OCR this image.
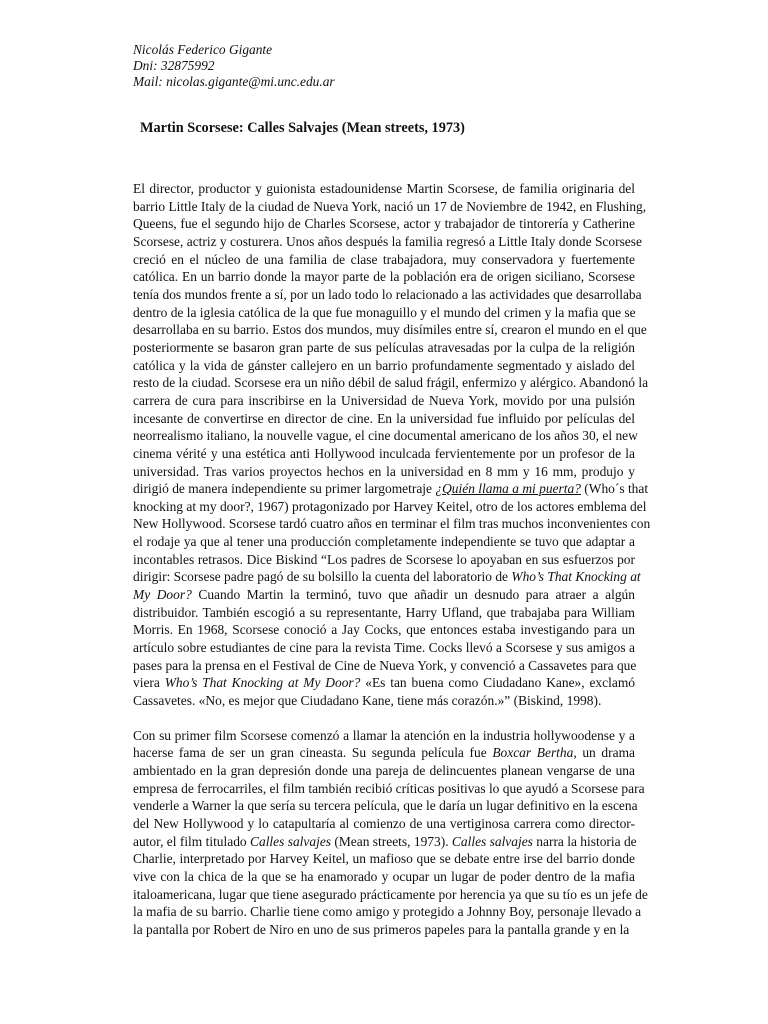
Nicolás Federico Gigante
Dni: 32875992
Mail: nicolas.gigante@mi.unc.edu.ar
Martin Scorsese: Calles Salvajes (Mean streets, 1973)
El director, productor y guionista estadounidense Martin Scorsese, de familia originaria del
barrio Little Italy de la ciudad de Nueva York, nació un 17 de Noviembre de 1942, en Flushing,
Queens, fue el segundo hijo de Charles Scorsese, actor y trabajador de tintorería y Catherine
Scorsese, actriz y costurera. Unos años después la familia regresó a Little Italy donde Scorsese
creció en el núcleo de una familia de clase trabajadora, muy conservadora y fuertemente
católica. En un barrio donde la mayor parte de la población era de origen siciliano, Scorsese
tenía dos mundos frente a sí, por un lado todo lo relacionado a las actividades que desarrollaba
dentro de la iglesia católica de la que fue monaguillo y el mundo del crimen y la mafia que se
desarrollaba en su barrio. Estos dos mundos, muy disímiles entre sí, crearon el mundo en el que
posteriormente se basaron gran parte de sus películas atravesadas por la culpa de la religión
católica y la vida de gánster callejero en un barrio profundamente segmentado y aislado del
resto de la ciudad. Scorsese era un niño débil de salud frágil, enfermizo y alérgico. Abandonó la
carrera de cura para inscribirse en la Universidad de Nueva York, movido por una pulsión
incesante de convertirse en director de cine. En la universidad fue influido por películas del
neorrealismo italiano, la nouvelle vague, el cine documental americano de los años 30, el new
cinema vérité y una estética anti Hollywood inculcada fervientemente por un profesor de la
universidad. Tras varios proyectos hechos en la universidad en 8 mm y 16 mm, produjo y
dirigió de manera independiente su primer largometraje ¿Quién llama a mi puerta? (Who´s that
knocking at my door?, 1967) protagonizado por Harvey Keitel, otro de los actores emblema del
New Hollywood. Scorsese tardó cuatro años en terminar el film tras muchos inconvenientes con
el rodaje ya que al tener una producción completamente independiente se tuvo que adaptar a
incontables retrasos. Dice Biskind “Los padres de Scorsese lo apoyaban en sus esfuerzos por
dirigir: Scorsese padre pagó de su bolsillo la cuenta del laboratorio de Who’s That Knocking at
My Door? Cuando Martin la terminó, tuvo que añadir un desnudo para atraer a algún
distribuidor. También escogió a su representante, Harry Ufland, que trabajaba para William
Morris. En 1968, Scorsese conoció a Jay Cocks, que entonces estaba investigando para un
artículo sobre estudiantes de cine para la revista Time. Cocks llevó a Scorsese y sus amigos a
pases para la prensa en el Festival de Cine de Nueva York, y convenció a Cassavetes para que
viera Who’s That Knocking at My Door? «Es tan buena como Ciudadano Kane», exclamó
Cassavetes. «No, es mejor que Ciudadano Kane, tiene más corazón.»” (Biskind, 1998).
Con su primer film Scorsese comenzó a llamar la atención en la industria hollywoodense y a
hacerse fama de ser un gran cineasta. Su segunda película fue Boxcar Bertha, un drama
ambientado en la gran depresión donde una pareja de delincuentes planean vengarse de una
empresa de ferrocarriles, el film también recibió críticas positivas lo que ayudó a Scorsese para
venderle a Warner la que sería su tercera película, que le daría un lugar definitivo en la escena
del New Hollywood y lo catapultaría al comienzo de una vertiginosa carrera como director-
autor, el film titulado Calles salvajes (Mean streets, 1973). Calles salvajes narra la historia de
Charlie, interpretado por Harvey Keitel, un mafioso que se debate entre irse del barrio donde
vive con la chica de la que se ha enamorado y ocupar un lugar de poder dentro de la mafia
italoamericana, lugar que tiene asegurado prácticamente por herencia ya que su tío es un jefe de
la mafia de su barrio. Charlie tiene como amigo y protegido a Johnny Boy, personaje llevado a
la pantalla por Robert de Niro en uno de sus primeros papeles para la pantalla grande y en la
